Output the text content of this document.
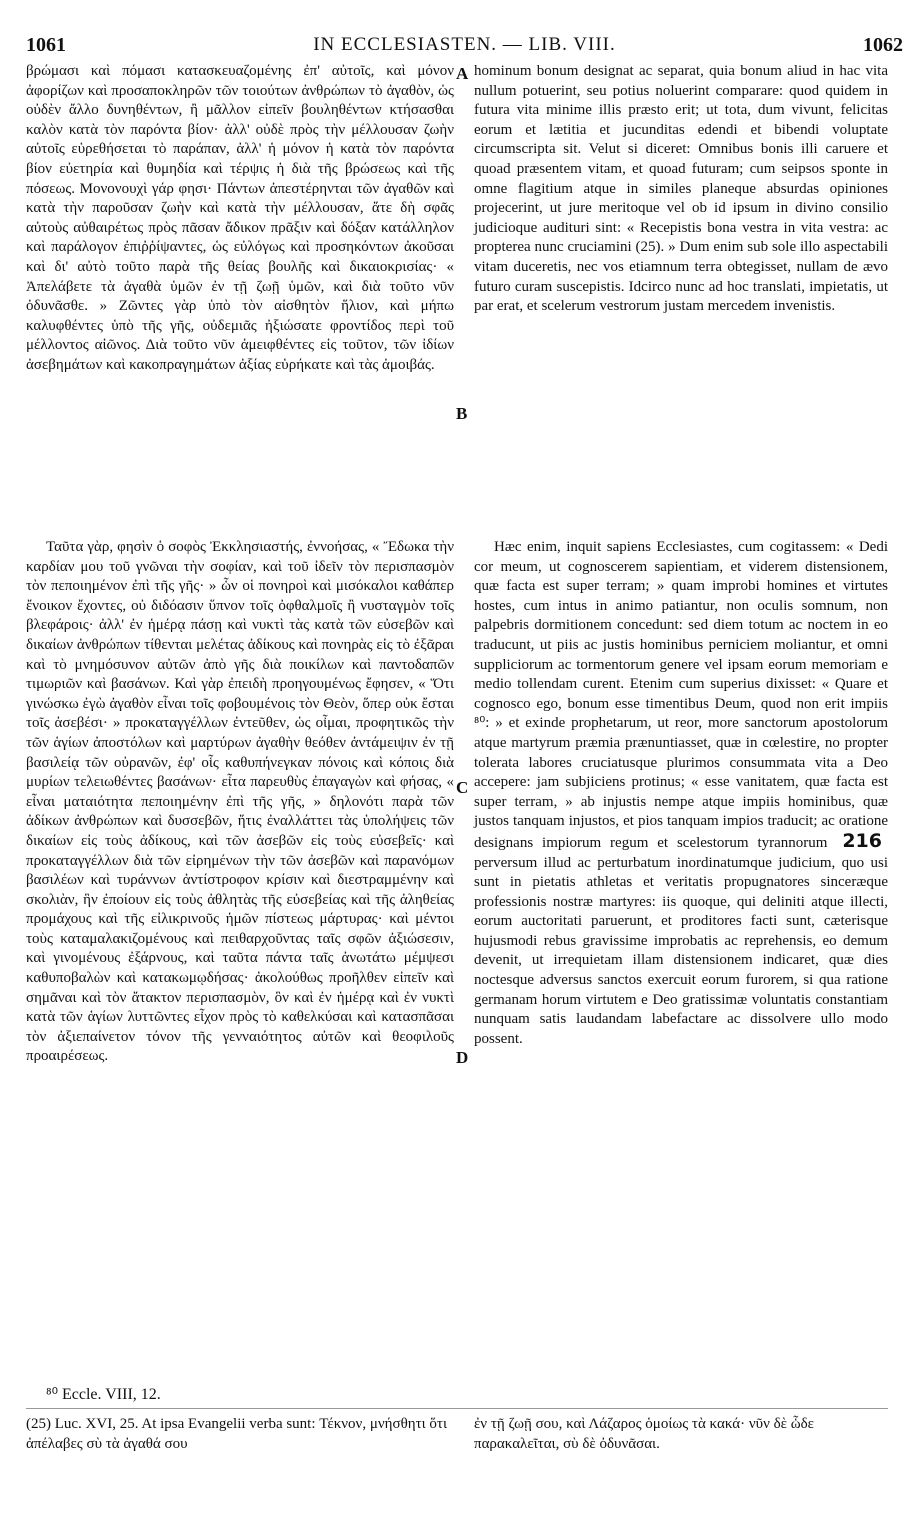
1061	IN ECCLESIASTEN. — LIB. VIII.	1062

βρώμασι καὶ πόμασι κατασκευαζομένης ἐπ' αὐτοῖς, καὶ μόνον ἀφορίζων καὶ προσαποκληρῶν τῶν τοιούτων ἀνθρώπων τὸ ἀγαθὸν, ὡς οὐδὲν ἄλλο δυνηθέντων, ἢ μᾶλλον εἰπεῖν βουληθέντων κτήσασθαι καλὸν κατὰ τὸν παρόντα βίον· ἀλλ' οὐδὲ πρὸς τὴν μέλλουσαν ζωὴν αὐτοῖς εὑρεθήσεται τὸ παράπαν, ἀλλ' ἡ μόνον ἡ κατὰ τὸν παρόντα βίον εὐετηρία καὶ θυμηδία καὶ τέρψις ἡ διὰ τῆς βρώσεως καὶ τῆς πόσεως. Μονονουχὶ γάρ φησι· Πάντων ἀπεστέρηνται τῶν ἀγαθῶν καὶ κατὰ τὴν παροῦσαν ζωὴν καὶ κατὰ τὴν μέλλουσαν, ἅτε δὴ σφᾶς αὐτοὺς αὐθαιρέτως πρὸς πᾶσαν ἄδικον πρᾶξιν καὶ δόξαν κατάλληλον καὶ παράλογον ἐπιῤῥίψαντες, ὡς εὐλόγως καὶ προσηκόντων ἀκοῦσαι καὶ δι' αὐτὸ τοῦτο παρὰ τῆς θείας βουλῆς καὶ δικαιοκρισίας· « Ἀπελάβετε τὰ ἀγαθὰ ὑμῶν ἐν τῇ ζωῇ ὑμῶν, καὶ διὰ τοῦτο νῦν ὀδυνᾶσθε. » Ζῶντες γὰρ ὑπὸ τὸν αἰσθητὸν ἥλιον, καὶ μήπω καλυφθέντες ὑπὸ τῆς γῆς, οὐδεμιᾶς ἠξιώσατε φροντίδος περὶ τοῦ μέλλοντος αἰῶνος. Διὰ τοῦτο νῦν ἀμειφθέντες εἰς τοῦτον, τῶν ἰδίων ἀσεβημάτων καὶ κακοπραγημάτων ἀξίας εὑρήκατε καὶ τὰς ἀμοιβάς.

hominum bonum designat ac separat, quia bonum aliud in hac vita nullum potuerint, seu potius noluerint comparare: quod quidem in futura vita minime illis præsto erit; ut tota, dum vivunt, felicitas eorum et lætitia et jucunditas edendi et bibendi voluptate circumscripta sit. Velut si diceret: Omnibus bonis illi caruere et quoad præsentem vitam, et quoad futuram; cum seipsos sponte in omne flagitium atque in similes planeque absurdas opiniones projecerint, ut jure meritoque vel ob id ipsum in divino consilio judicioque audituri sint: « Recepistis bona vestra in vita vestra: ac propterea nunc cruciamini (25). » Dum enim sub sole illo aspectabili vitam duceretis, nec vos etiamnum terra obtegisset, nullam de ævo futuro curam suscepistis. Idcirco nunc ad hoc translati, impietatis, ut par erat, et scelerum vestrorum justam mercedem invenistis.

A
B
C
D

Ταῦτα γὰρ, φησὶν ὁ σοφὸς Ἐκκλησιαστής, ἐννοήσας, « Ἔδωκα τὴν καρδίαν μου τοῦ γνῶναι τὴν σοφίαν, καὶ τοῦ ἰδεῖν τὸν περισπασμὸν τὸν πεποιημένον ἐπὶ τῆς γῆς· » ὧν οἱ πονηροὶ καὶ μισόκαλοι καθάπερ ἔνοικον ἔχοντες, οὐ διδόασιν ὕπνον τοῖς ὀφθαλμοῖς ἢ νυσταγμὸν τοῖς βλεφάροις· ἀλλ' ἐν ἡμέρᾳ πάσῃ καὶ νυκτὶ τὰς κατὰ τῶν εὐσεβῶν καὶ δικαίων ἀνθρώπων τίθενται μελέτας ἀδίκους καὶ πονηρὰς εἰς τὸ ἐξᾶραι καὶ τὸ μνημόσυνον αὐτῶν ἀπὸ γῆς διὰ ποικίλων καὶ παντοδαπῶν τιμωριῶν καὶ βασάνων. Καὶ γὰρ ἐπειδὴ προηγουμένως ἔφησεν, « Ὅτι γινώσκω ἐγὼ ἀγαθὸν εἶναι τοῖς φοβουμένοις τὸν Θεὸν, ὅπερ οὐκ ἔσται τοῖς ἀσεβέσι· » προκαταγγέλλων ἐντεῦθεν, ὡς οἶμαι, προφητικῶς τὴν τῶν ἁγίων ἀποστόλων καὶ μαρτύρων ἀγαθὴν θεόθεν ἀντάμειψιν ἐν τῇ βασιλείᾳ τῶν οὐρανῶν, ἐφ' οἷς καθυπήνεγκαν πόνοις καὶ κόποις διὰ μυρίων τελειωθέντες βασάνων· εἶτα παρευθὺς ἐπαγαγὼν καὶ φήσας, « εἶναι ματαιότητα πεποιημένην ἐπὶ τῆς γῆς, » δηλονότι παρὰ τῶν ἀδίκων ἀνθρώπων καὶ δυσσεβῶν, ἥτις ἐναλλάττει τὰς ὑπολήψεις τῶν δικαίων εἰς τοὺς ἀδίκους, καὶ τῶν ἀσεβῶν εἰς τοὺς εὐσεβεῖς· καὶ προκαταγγέλλων διὰ τῶν εἰρημένων τὴν τῶν ἀσεβῶν καὶ παρανόμων βασιλέων καὶ τυράννων ἀντίστροφον κρίσιν καὶ διεστραμμένην καὶ σκολιὰν, ἣν ἐποίουν εἰς τοὺς ἀθλητὰς τῆς εὐσεβείας καὶ τῆς ἀληθείας προμάχους καὶ τῆς εἰλικρινοῦς ἡμῶν πίστεως μάρτυρας· καὶ μέντοι τοὺς καταμαλακιζομένους καὶ πειθαρχοῦντας ταῖς σφῶν ἀξιώσεσιν, καὶ γινομένους ἐξάρνους, καὶ ταῦτα πάντα ταῖς ἀνωτάτω μέμψεσι καθυποβαλὼν καὶ κατακωμῳδήσας· ἀκολούθως προῆλθεν εἰπεῖν καὶ σημᾶναι καὶ τὸν ἄτακτον περισπασμὸν, ὃν καὶ ἐν ἡμέρᾳ καὶ ἐν νυκτὶ κατὰ τῶν ἁγίων λυττῶντες εἶχον πρὸς τὸ καθελκύσαι καὶ κατασπᾶσαι τὸν ἀξιεπαίνετον τόνον τῆς γενναιότητος αὐτῶν καὶ θεοφιλοῦς προαιρέσεως.

Hæc enim, inquit sapiens Ecclesiastes, cum cogitassem: « Dedi cor meum, ut cognoscerem sapientiam, et viderem distensionem, quæ facta est super terram; » quam improbi homines et virtutes hostes, cum intus in animo patiantur, non oculis somnum, non palpebris dormitionem concedunt: sed diem totum ac noctem in eo traducunt, ut piis ac justis hominibus perniciem moliantur, et omni suppliciorum ac tormentorum genere vel ipsam eorum memoriam e medio tollendam curent. Etenim cum superius dixisset: « Quare et cognosco ego, bonum esse timentibus Deum, quod non erit impiis ⁸⁰: » et exinde prophetarum, ut reor, more sanctorum apostolorum atque martyrum præmia prænuntiasset, quæ in cœlestire, no propter tolerata labores cruciatusque plurimos consummata vita a Deo accepere: jam subjiciens protinus; « esse vanitatem, quæ facta est super terram, » ab injustis nempe atque impiis hominibus, quæ justos tanquam injustos, et pios tanquam impios traducit; ac oratione designans impiorum regum et scelestorum tyrannorum 216 perversum illud ac perturbatum inordinatumque judicium, quo usi sunt in pietatis athletas et veritatis propugnatores sinceræque professionis nostræ martyres: iis quoque, qui deliniti atque illecti, eorum auctoritati paruerunt, et proditores facti sunt, cæterisque hujusmodi rebus gravissime improbatis ac reprehensis, eo demum devenit, ut irrequietam illam distensionem indicaret, quæ dies noctesque adversus sanctos exercuit eorum furorem, si qua ratione germanam horum virtutem e Deo gratissimæ voluntatis constantiam nunquam satis laudandam labefactare ac dissolvere ullo modo possent.

⁸⁰ Eccle. VIII, 12.
(25) Luc. XVI, 25. At ipsa Evangelii verba sunt: Τέκνον, μνήσθητι ὅτι ἀπέλαβες σὺ τὰ ἀγαθά σου
ἐν τῇ ζωῇ σου, καὶ Λάζαρος ὁμοίως τὰ κακά· νῦν δὲ ὧδε παρακαλεῖται, σὺ δὲ ὀδυνᾶσαι.
